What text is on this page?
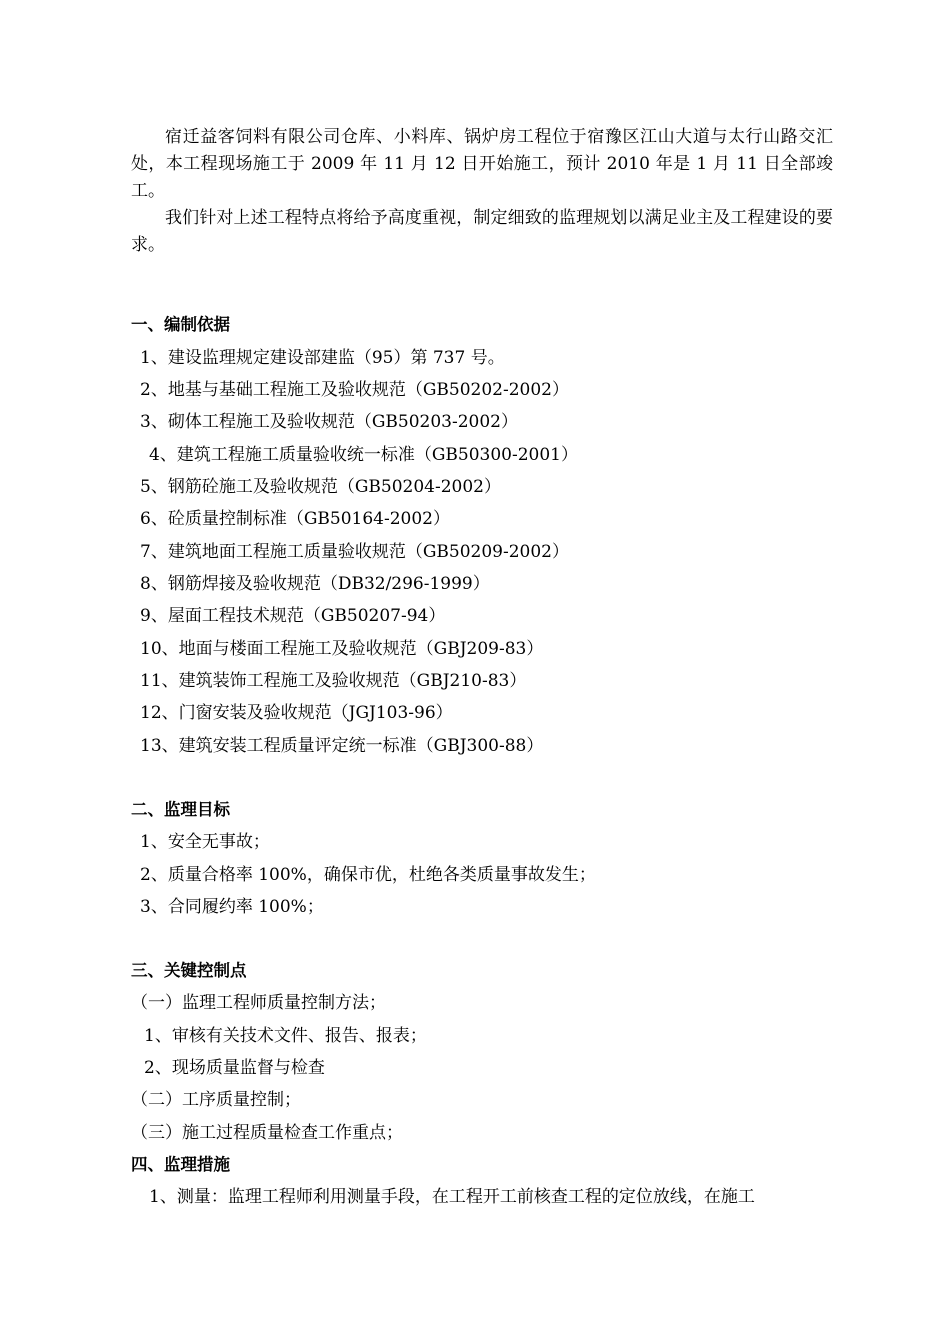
宿迁益客饲料有限公司仓库、小料库、锅炉房工程位于宿豫区江山大道与太行山路交汇处，本工程现场施工于 2009 年 11 月 12 日开始施工，预计 2010 年是 1 月 11 日全部竣工。

我们针对上述工程特点将给予高度重视，制定细致的监理规划以满足业主及工程建设的要求。

一、编制依据
1、建设监理规定建设部建监（95）第 737 号。
2、地基与基础工程施工及验收规范（GB50202-2002）
3、砌体工程施工及验收规范（GB50203-2002）
4、建筑工程施工质量验收统一标准（GB50300-2001）
5、钢筋砼施工及验收规范（GB50204-2002）
6、砼质量控制标准（GB50164-2002）
7、建筑地面工程施工质量验收规范（GB50209-2002）
8、钢筋焊接及验收规范（DB32/296-1999）
9、屋面工程技术规范（GB50207-94）
10、地面与楼面工程施工及验收规范（GBJ209-83）
11、建筑装饰工程施工及验收规范（GBJ210-83）
12、门窗安装及验收规范（JGJ103-96）
13、建筑安装工程质量评定统一标准（GBJ300-88）
二、监理目标
1、安全无事故；
2、质量合格率 100%，确保市优，杜绝各类质量事故发生；
3、合同履约率 100%；
三、关键控制点
（一）监理工程师质量控制方法；
1、审核有关技术文件、报告、报表；
2、现场质量监督与检查
（二）工序质量控制；
（三）施工过程质量检查工作重点；
四、监理措施
1、测量：监理工程师利用测量手段，在工程开工前核查工程的定位放线，在施工
